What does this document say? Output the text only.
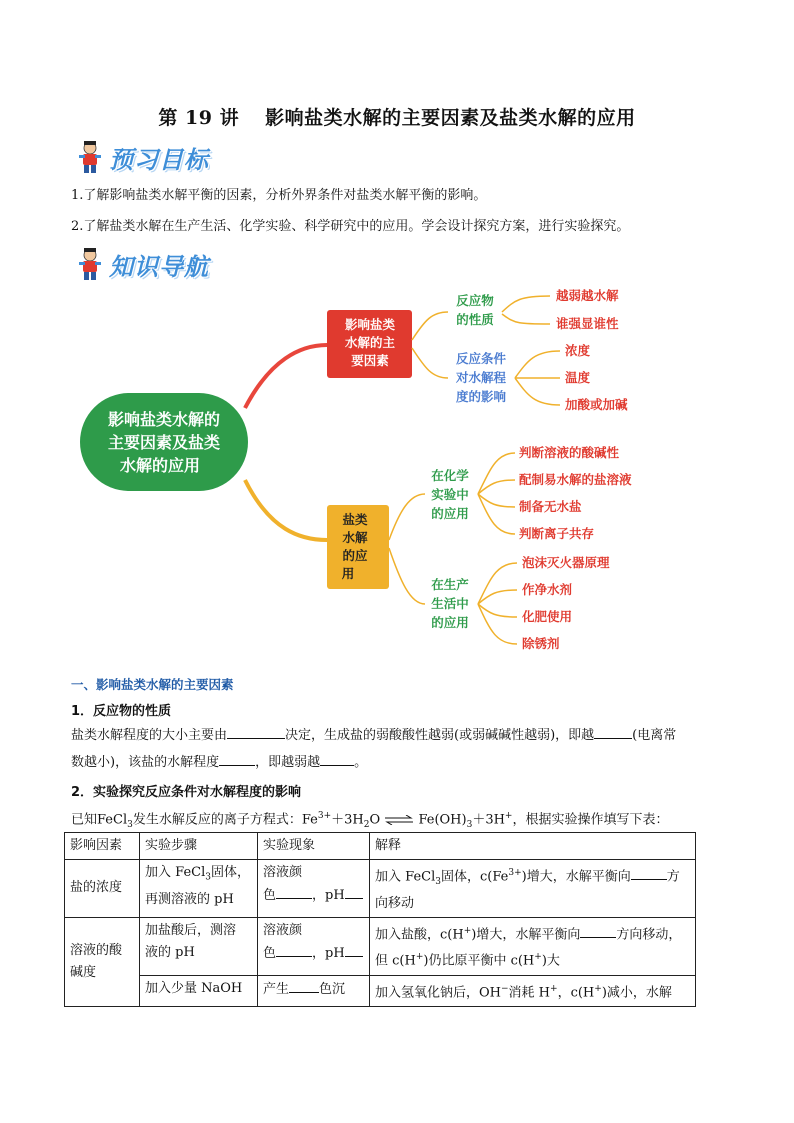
第 19 讲 影响盐类水解的主要因素及盐类水解的应用
预习目标
1.了解影响盐类水解平衡的因素，分析外界条件对盐类水解平衡的影响。
2.了解盐类水解在生产生活、化学实验、科学研究中的应用。学会设计探究方案，进行实验探究。
知识导航
影响盐类水解的
主要因素及盐类
水解的应用
影响盐类
水解的主
要因素
反应物
的性质
越弱越水解
谁强显谁性
反应条件
对水解程
度的影响
浓度
温度
加酸或加碱
盐类
水解
的应
用
在化学
实验中
的应用
判断溶液的酸碱性
配制易水解的盐溶液
制备无水盐
判断离子共存
在生产
生活中
的应用
泡沫灭火器原理
作净水剂
化肥使用
除锈剂
一、影响盐类水解的主要因素
1．反应物的性质
盐类水解程度的大小主要由	决定，生成盐的弱酸酸性越弱(或弱碱碱性越弱)，即越	(电离常
数越小)，该盐的水解程度	，即越弱越	。
2．实验探究反应条件对水解程度的影响
已知FeCl$_3$发生水解反应的离子方程式：$Fe^{3+}+3H_2O$ ⇌ $Fe(OH)_3+3H^+$，根据实验操作填写下表：
影响因素	实验步骤	实验现象	解释
盐的浓度	加入 FeCl$_3$固体，
再测溶液的 pH	溶液颜
色 ，pH	加入 FeCl$_3$固体，$c(Fe^{3+})$增大，水解平衡向 方
向移动
溶液的酸
碱度	加盐酸后，测溶
液的 pH	溶液颜
色 ，pH	加入盐酸，c(H+)增大，水解平衡向 方向移动，
但 c(H+)仍比原平衡中 c(H+)大
	加入少量 NaOH	产生 色沉	加入氢氧化钠后，OH−消耗 H+，c(H+)减小，水解
